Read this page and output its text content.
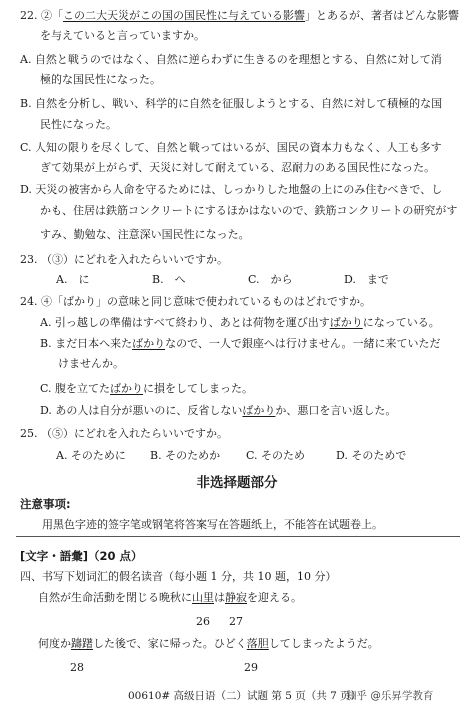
22. ②「この二大天災がこの国の国民性に与えている影響」とあるが、著者はどんな影響
を与えていると言っていますか。
A. 自然と戦うのではなく、自然に逆らわずに生きるのを理想とする、自然に対して消
極的な国民性になった。
B. 自然を分析し、戦い、科学的に自然を征服しようとする、自然に対して積極的な国
民性になった。
C. 人知の限りを尽くして、自然と戦ってはいるが、国民の資本力もなく、人工も多す
ぎて効果が上がらず、天災に対して耐えている、忍耐力のある国民性になった。
D. 天災の被害から人命を守るためには、しっかりした地盤の上にのみ住むべきで、し
かも、住居は鉄筋コンクリートにするほかはないので、鉄筋コンクリートの研究がす
すみ、勤勉な、注意深い国民性になった。
23. （③）にどれを入れたらいいですか。
A.　に	B.　へ	C.　から	D.　まで
24. ④「ばかり」の意味と同じ意味で使われているものはどれですか。
A. 引っ越しの準備はすべて終わり、あとは荷物を運び出すばかりになっている。
B. まだ日本へ来たばかりなので、一人で銀座へは行けません。一緒に来ていただ
けませんか。
C. 腹を立てたばかりに損をしてしまった。
D. あの人は自分が悪いのに、反省しないばかりか、悪口を言い返した。
25. （⑤）にどれを入れたらいいですか。
A. そのために B. そのためか C. そのため	D. そのためで
非选择题部分
注意事项:
用黑色字迹的签字笔或钢笔将答案写在答题纸上，不能答在试题卷上。
[文字・語彙]（20 点）
四、书写下划词汇的假名读音（每小题 1 分，共 10 题，10 分）
自然が生命活動を閉じる晩秋に山里は静寂を迎える。
26 27
何度か躊躇した後で、家に帰った。ひどく落胆してしまったようだ。
28	29
00610# 高级日语（二）试题 第 5 页（共 7 页）
知乎 @乐昇学教育
